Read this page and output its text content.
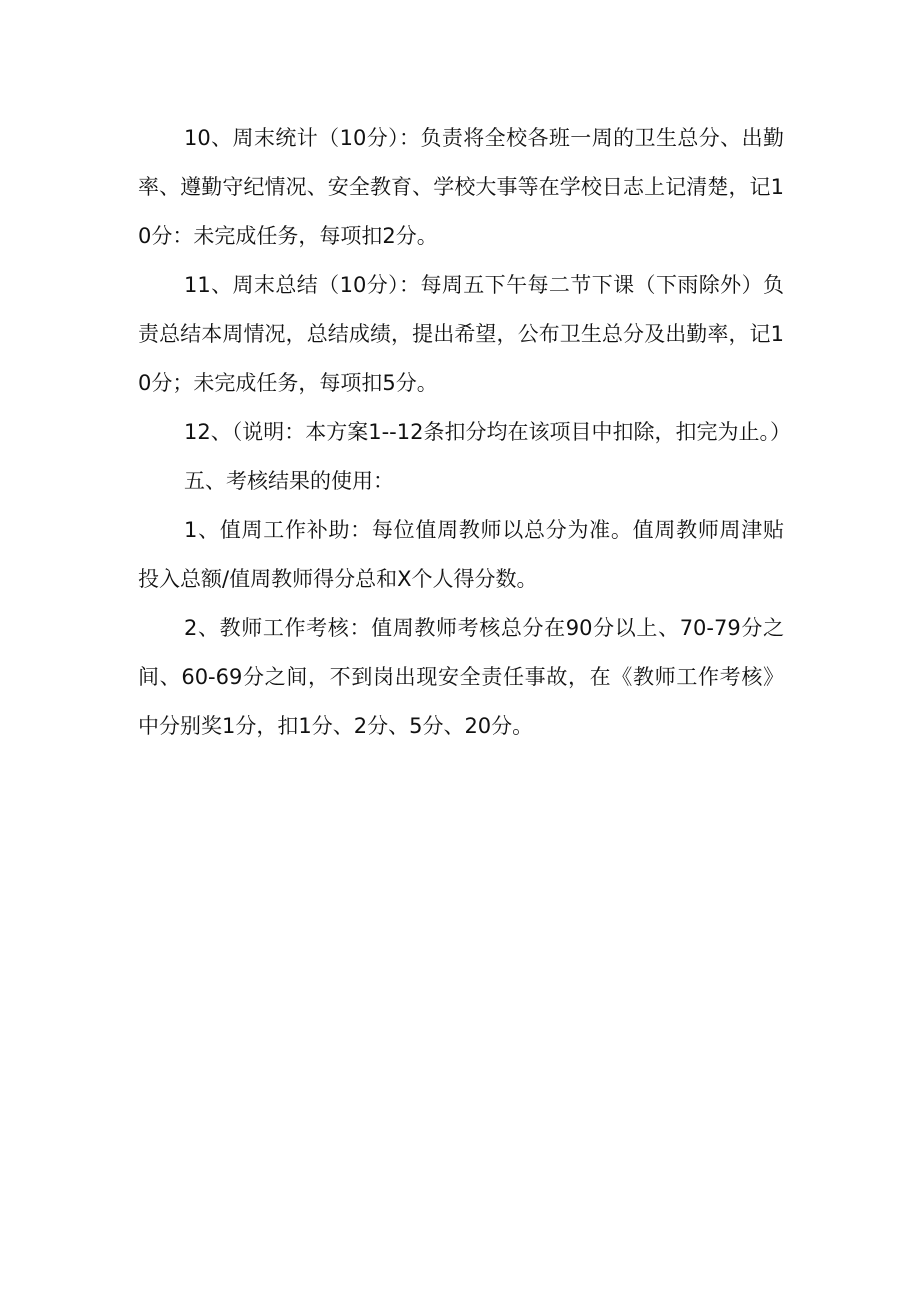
10、周末统计（10分）：负责将全校各班一周的卫生总分、出勤率、遵勤守纪情况、安全教育、学校大事等在学校日志上记清楚，记10分：未完成任务，每项扣2分。

11、周末总结（10分）：每周五下午每二节下课（下雨除外）负责总结本周情况，总结成绩，提出希望，公布卫生总分及出勤率，记10分；未完成任务，每项扣5分。

12、（说明：本方案1--12条扣分均在该项目中扣除，扣完为止。）

五、考核结果的使用：

1、值周工作补助：每位值周教师以总分为准。值周教师周津贴投入总额/值周教师得分总和X个人得分数。

2、教师工作考核：值周教师考核总分在90分以上、70-79分之间、60-69分之间，不到岗出现安全责任事故，在《教师工作考核》中分别奖1分，扣1分、2分、5分、20分。
